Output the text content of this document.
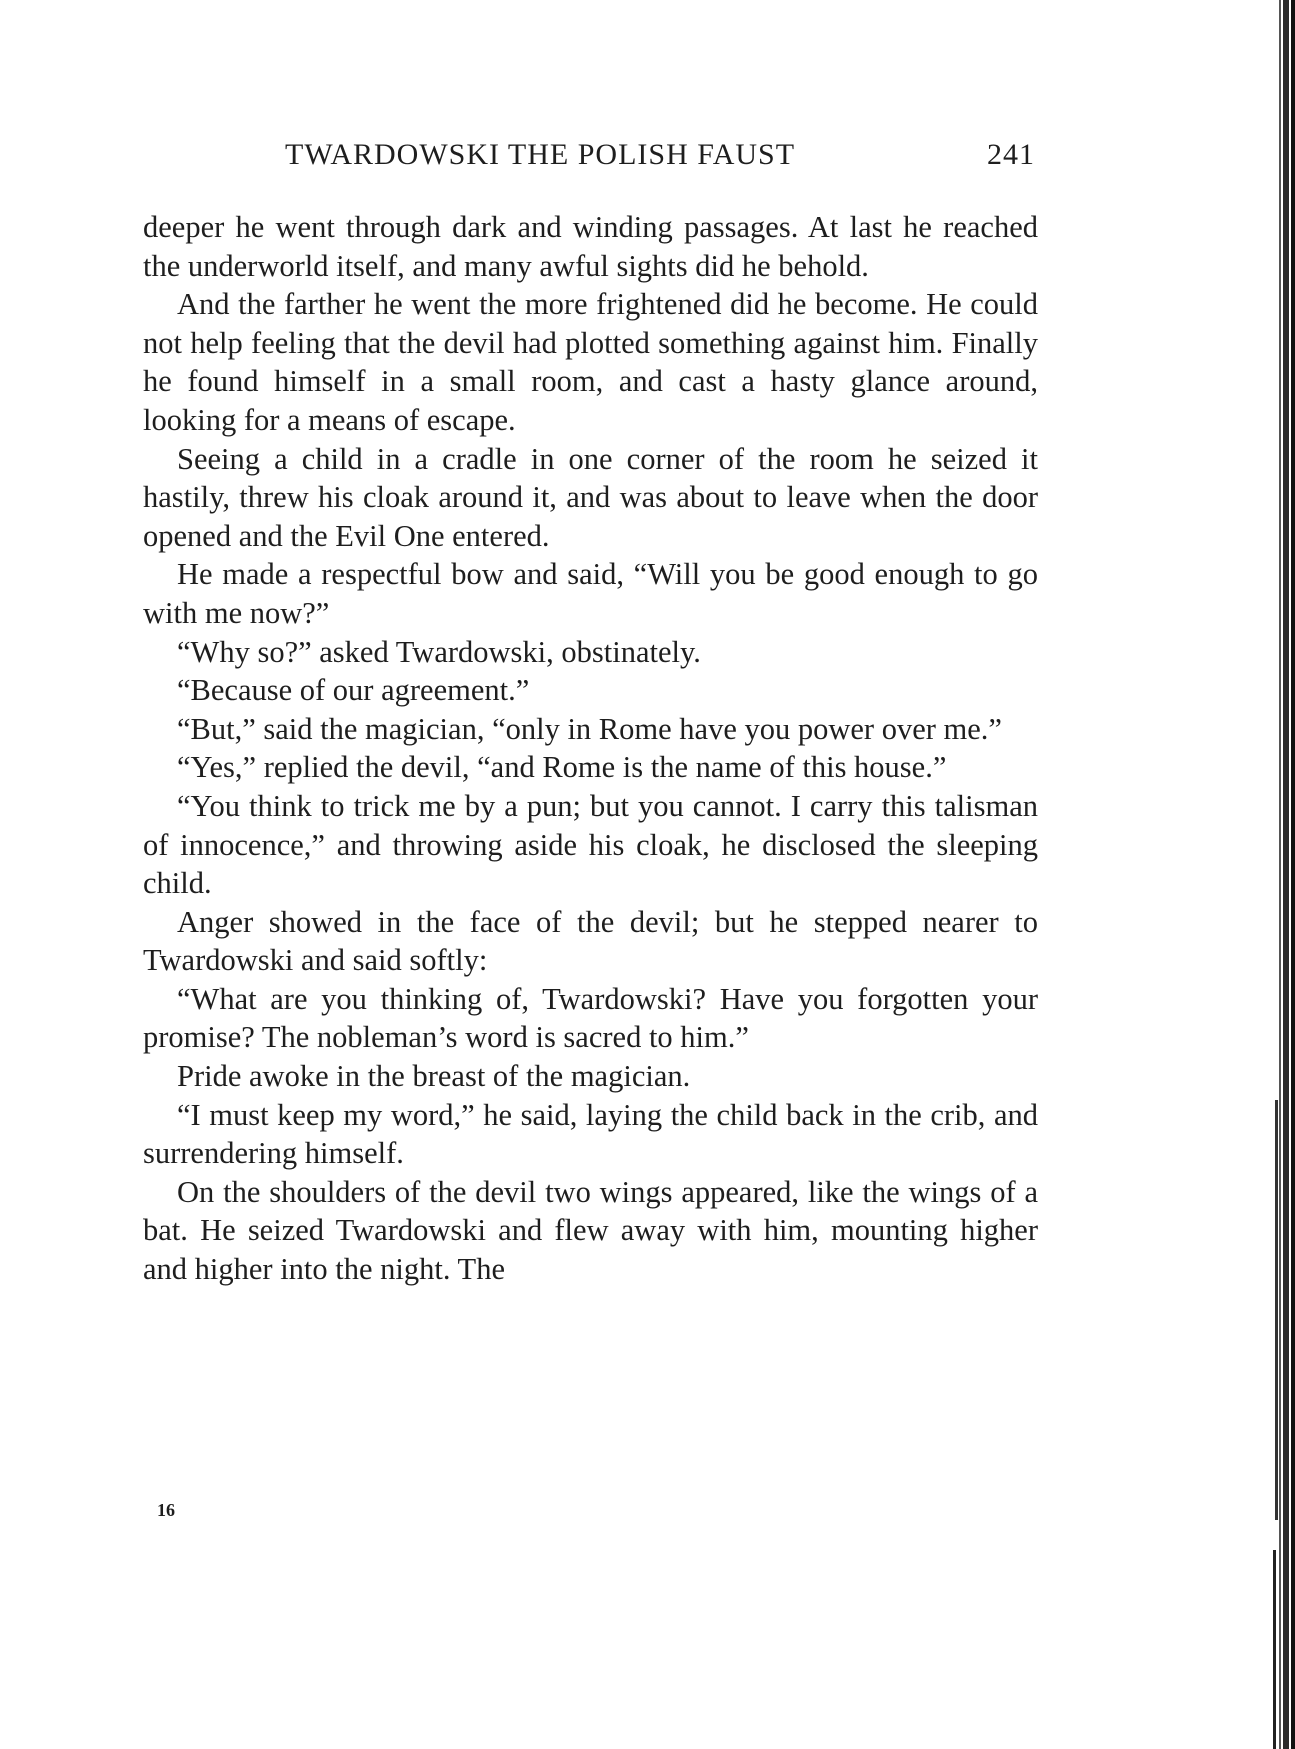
TWARDOWSKI THE POLISH FAUST	241

deeper he went through dark and winding passages. At last he reached the underworld itself, and many awful sights did he behold.

And the farther he went the more frightened did he become. He could not help feeling that the devil had plotted something against him. Finally he found himself in a small room, and cast a hasty glance around, looking for a means of escape.

Seeing a child in a cradle in one corner of the room he seized it hastily, threw his cloak around it, and was about to leave when the door opened and the Evil One entered.

He made a respectful bow and said, “Will you be good enough to go with me now?”

“Why so?” asked Twardowski, obstinately.

“Because of our agreement.”

“But,” said the magician, “only in Rome have you power over me.”

“Yes,” replied the devil, “and Rome is the name of this house.”

“You think to trick me by a pun; but you cannot. I carry this talisman of innocence,” and throwing aside his cloak, he disclosed the sleeping child.

Anger showed in the face of the devil; but he stepped nearer to Twardowski and said softly:

“What are you thinking of, Twardowski? Have you forgotten your promise? The nobleman’s word is sacred to him.”

Pride awoke in the breast of the magician.

“I must keep my word,” he said, laying the child back in the crib, and surrendering himself.

On the shoulders of the devil two wings appeared, like the wings of a bat. He seized Twardowski and flew away with him, mounting higher and higher into the night. The

16
